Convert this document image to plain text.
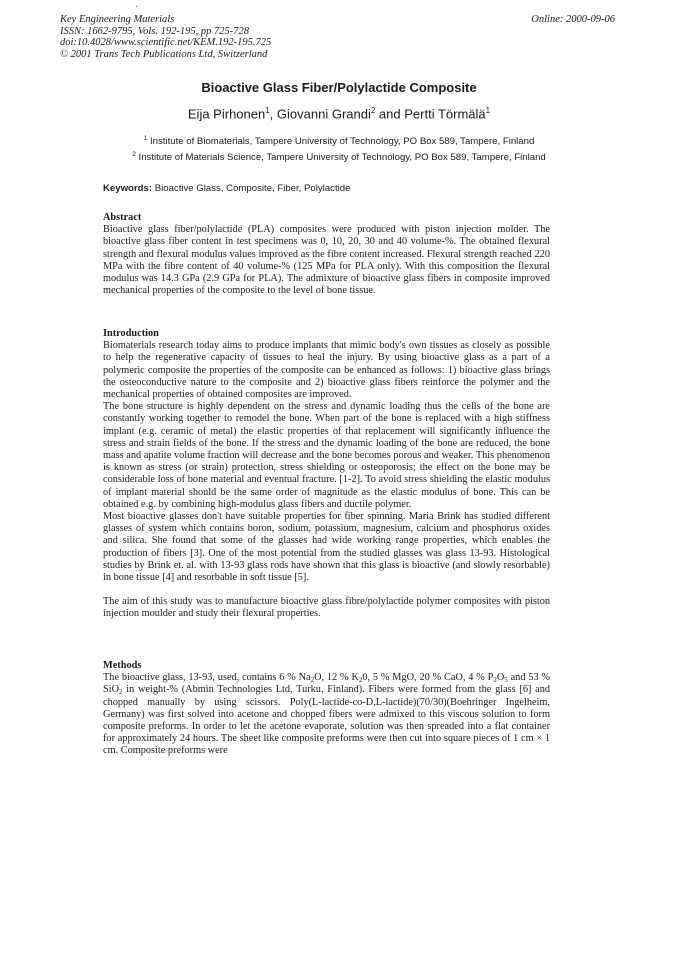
·
Key Engineering Materials
ISSN: 1662-9795, Vols. 192-195, pp 725-728
doi:10.4028/www.scientific.net/KEM.192-195.725
© 2001 Trans Tech Publications Ltd, Switzerland
Online: 2000-09-06
Bioactive Glass Fiber/Polylactide Composite
Eija Pirhonen$^1$, Giovanni Grandi$^2$ and Pertti Törmälä$^1$
$^1$ Institute of Biomaterials, Tampere University of Technology, PO Box 589, Tampere, Finland
$^2$ Institute of Materials Science, Tampere University of Technology, PO Box 589, Tampere, Finland
Keywords: Bioactive Glass, Composite, Fiber, Polylactide
Abstract

Bioactive glass fiber/polylactide (PLA) composites were produced with piston injection molder. The bioactive glass fiber content in test specimens was 0, 10, 20, 30 and 40 volume-%. The obtained flexural strength and flexural modulus values improved as the fibre content increased. Flexural strength reached 220 MPa with the fibre content of 40 volume-% (125 MPa for PLA only). With this composition the flexural modulus was 14.3 GPa (2.9 GPa for PLA). The admixture of bioactive glass fibers in composite improved mechanical properties of the composite to the level of bone tissue.

Introduction

Biomaterials research today aims to produce implants that mimic body's own tissues as closely as possible to help the regenerative capacity of tissues to heal the injury. By using bioactive glass as a part of a polymeric composite the properties of the composite can be enhanced as follows: 1) bioactive glass brings the osteoconductive nature to the composite and 2) bioactive glass fibers reinforce the polymer and the mechanical properties of obtained composites are improved.

The bone structure is highly dependent on the stress and dynamic loading thus the cells of the bone are constantly working together to remodel the bone. When part of the bone is replaced with a high stiffness implant (e.g. ceramic of metal) the elastic properties of that replacement will significantly influence the stress and strain fields of the bone. If the stress and the dynamic loading of the bone are reduced, the bone mass and apatite volume fraction will decrease and the bone becomes porous and weaker. This phenomenon is known as stress (or strain) protection, stress shielding or osteoporosis; the effect on the bone may be considerable loss of bone material and eventual fracture. [1-2]. To avoid stress shielding the elastic modulus of implant material should be the same order of magnitude as the elastic modulus of bone. This can be obtained e.g. by combining high-modulus glass fibers and ductile polymer.

Most bioactive glasses don't have suitable properties for fiber spinning. Maria Brink has studied different glasses of system which contains boron, sodium, potassium, magnesium, calcium and phosphorus oxides and silica. She found that some of the glasses had wide working range properties, which enables the production of fibers [3]. One of the most potential from the studied glasses was glass 13-93. Histological studies by Brink et. al. with 13-93 glass rods have shown that this glass is bioactive (and slowly resorbable) in bone tissue [4] and resorbable in soft tissue [5].

The aim of this study was to manufacture bioactive glass fibre/polylactide polymer composites with piston injection moulder and study their flexural properties.

Methods

The bioactive glass, 13-93, used, contains 6 % $Na_2O$, 12 % $K_20$, 5 % MgO, 20 % CaO, 4 % $P_2O_5$ and 53 % SiO$_2$ in weight-% (Abmin Technologies Ltd, Turku, Finland). Fibers were formed from the glass [6] and chopped manually by using scissors. Poly(L-lactide-co-D,L-lactide)(70/30)(Boehringer Ingelheim, Germany) was first solved into acetone and chopped fibers were admixed to this viscous solution to form composite preforms. In order to let the acetone evaporate, solution was then spreaded into a flat container for approximately 24 hours. The sheet like composite preforms were then cut into square pieces of 1 cm × 1 cm. Composite preforms were
